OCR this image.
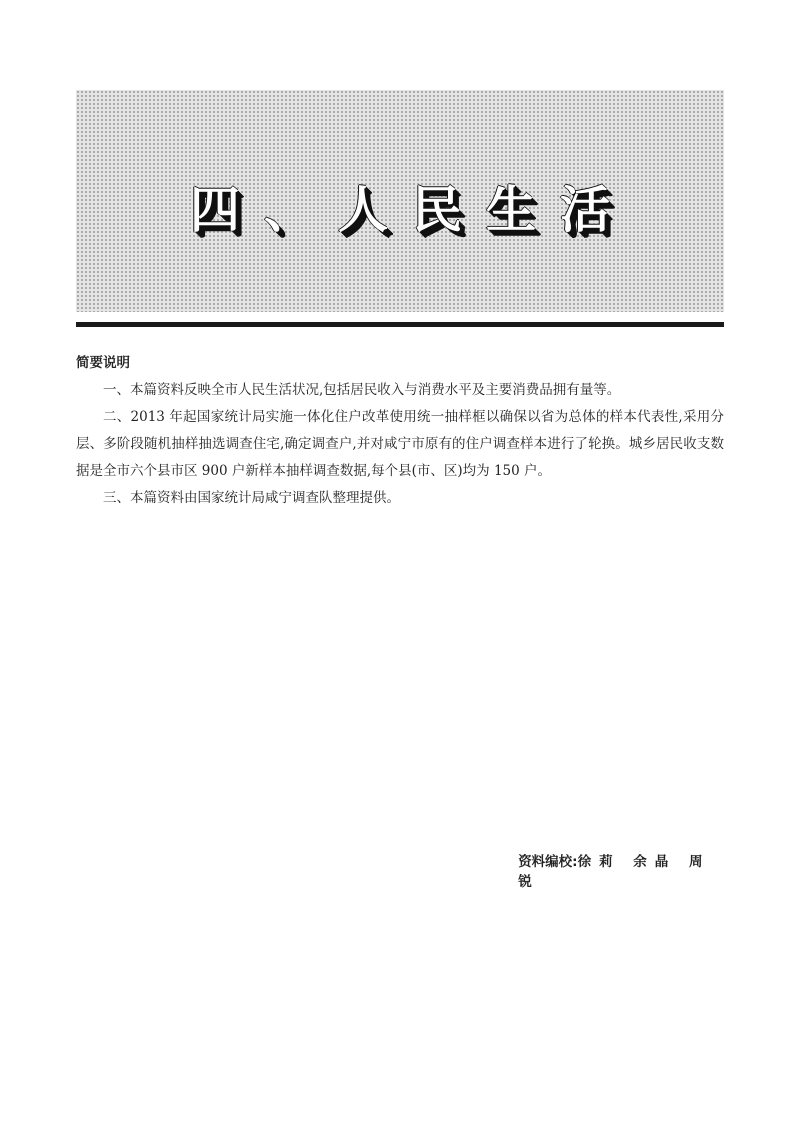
四、人民生活
简要说明

一、本篇资料反映全市人民生活状况,包括居民收入与消费水平及主要消费品拥有量等。

二、2013 年起国家统计局实施一体化住户改革使用统一抽样框以确保以省为总体的样本代表性,采用分层、多阶段随机抽样抽选调查住宅,确定调查户,并对咸宁市原有的住户调查样本进行了轮换。城乡居民收支数据是全市六个县市区 900 户新样本抽样调查数据,每个县(市、区)均为 150 户。

三、本篇资料由国家统计局咸宁调查队整理提供。

资料编校:徐莉 余晶 周锐
